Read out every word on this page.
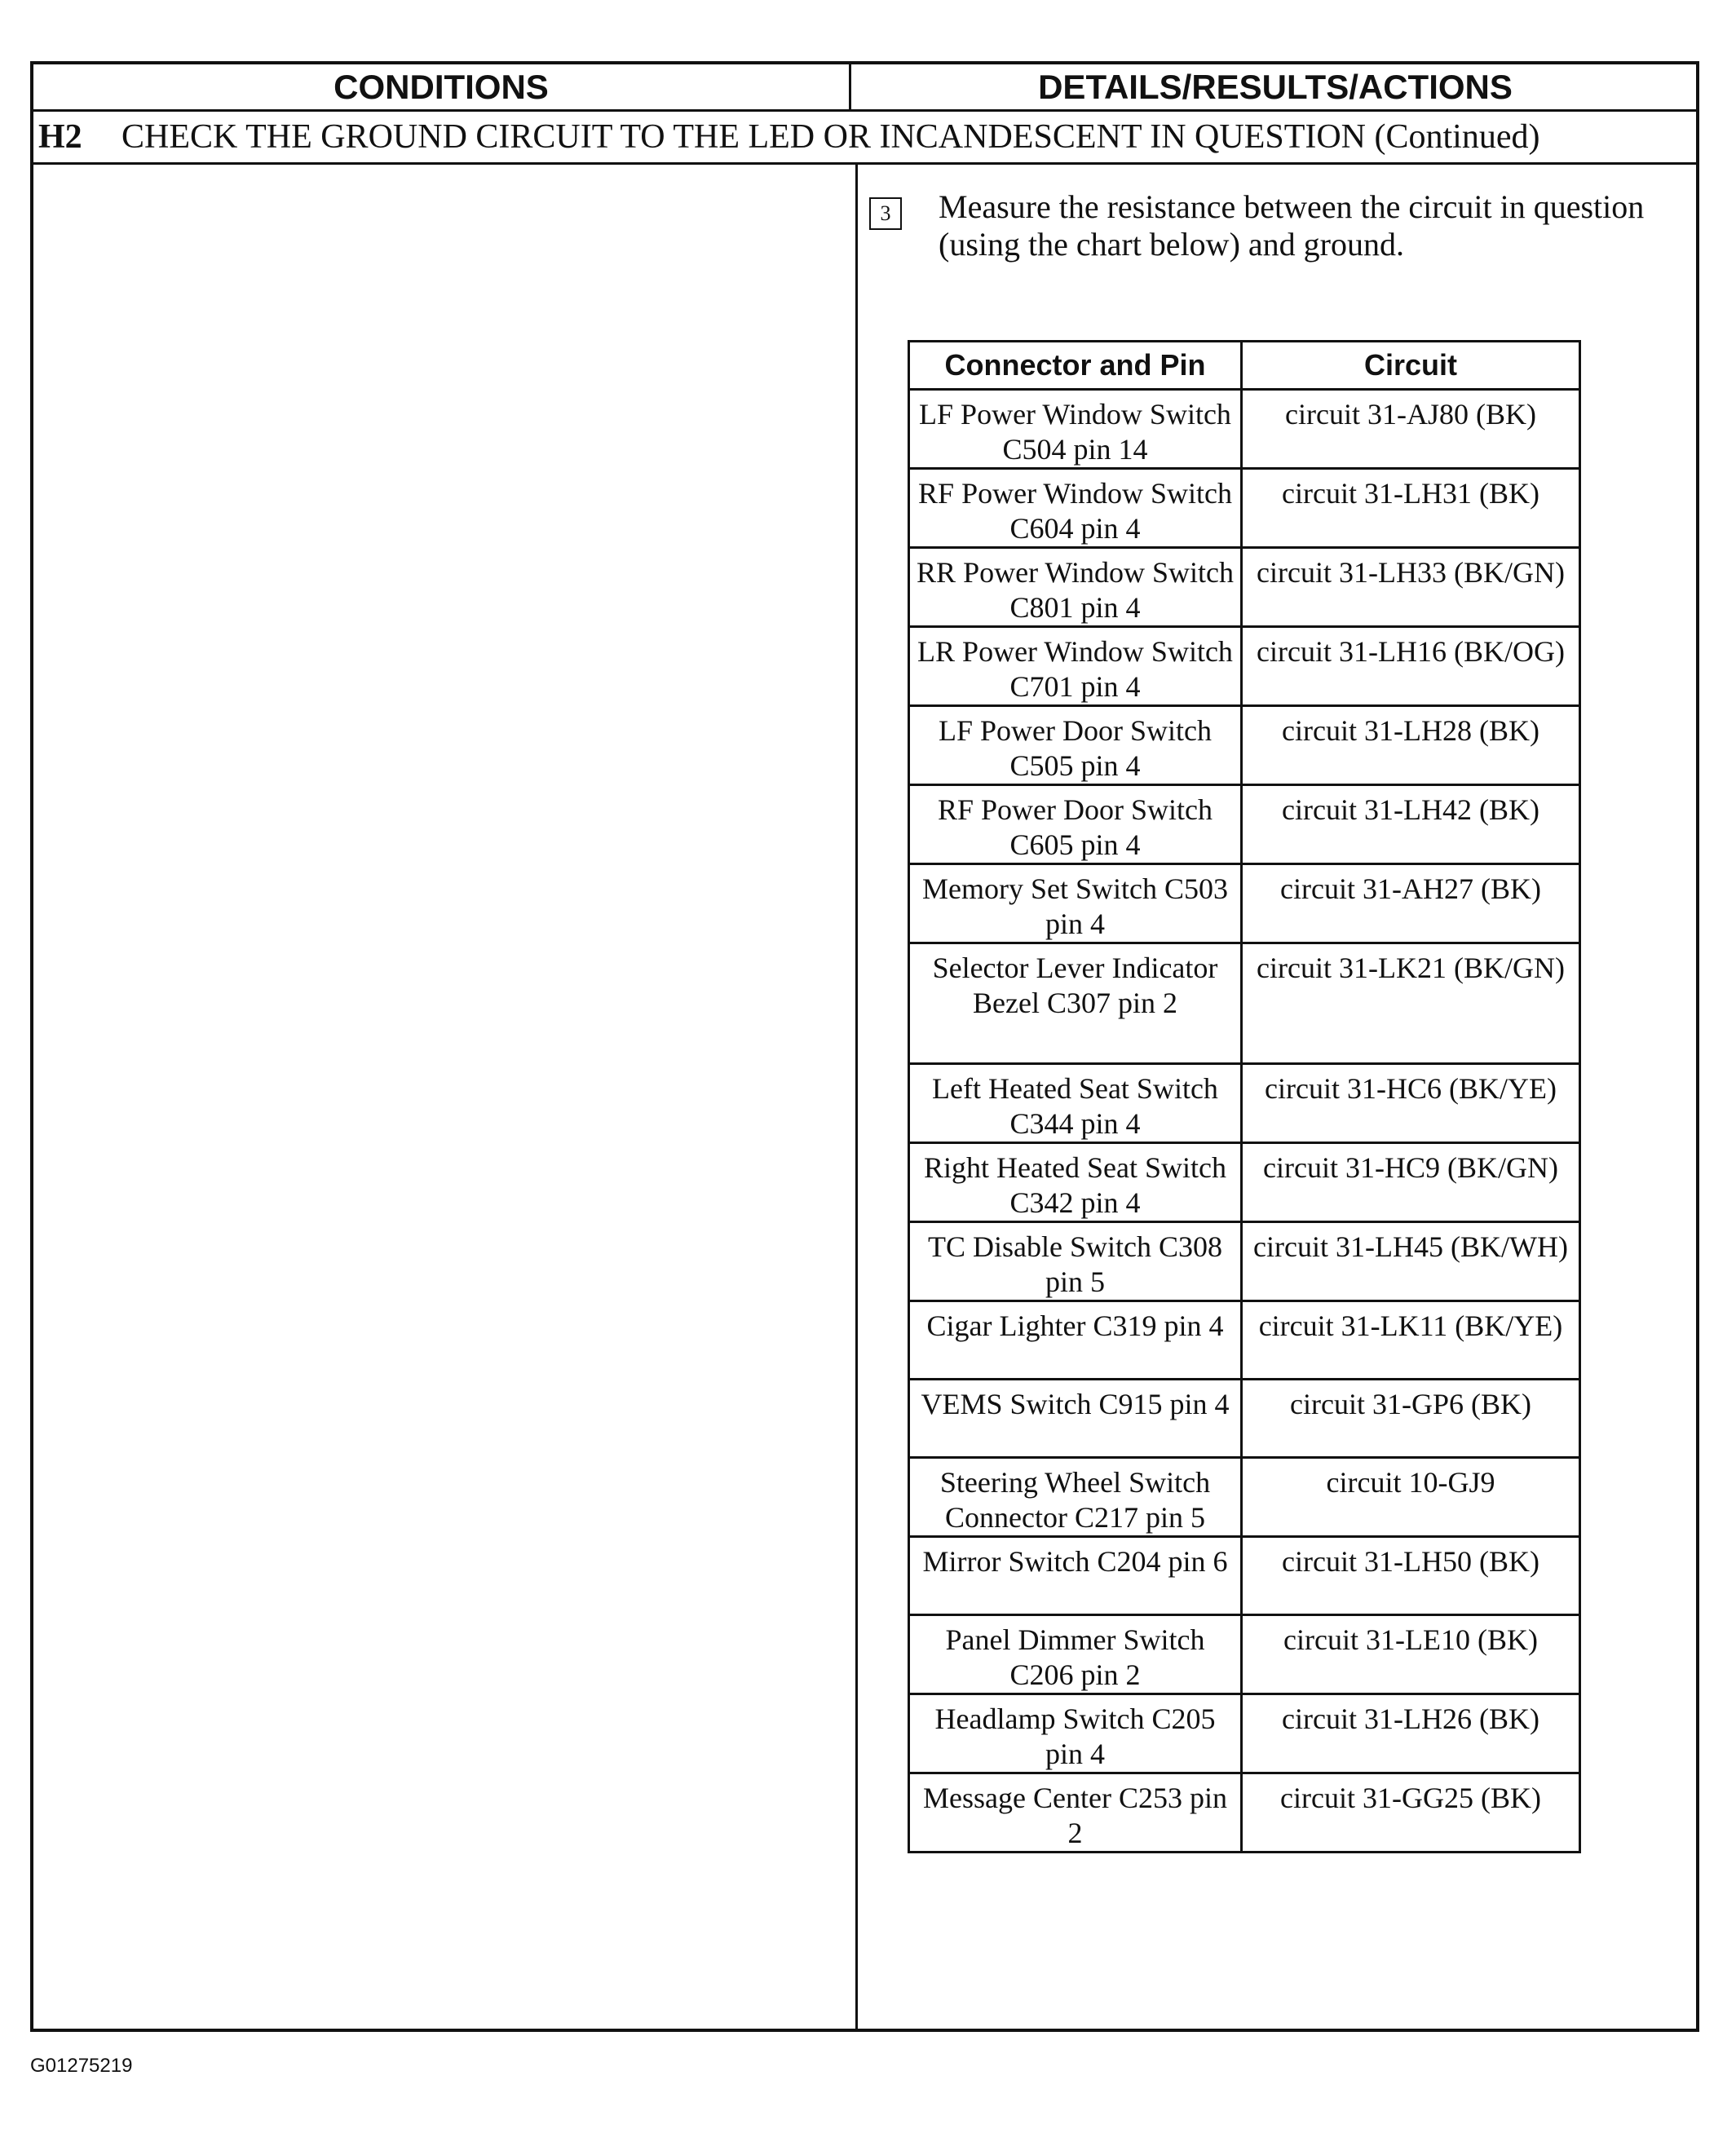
CONDITIONS	DETAILS/RESULTS/ACTIONS
H2 CHECK THE GROUND CIRCUIT TO THE LED OR INCANDESCENT IN QUESTION (Continued)
3	Measure the resistance between the circuit in question (using the chart below) and ground.
Connector and Pin	Circuit
LF Power Window Switch C504 pin 14	circuit 31-AJ80 (BK)
RF Power Window Switch C604 pin 4	circuit 31-LH31 (BK)
RR Power Window Switch C801 pin 4	circuit 31-LH33 (BK/GN)
LR Power Window Switch C701 pin 4	circuit 31-LH16 (BK/OG)
LF Power Door Switch C505 pin 4	circuit 31-LH28 (BK)
RF Power Door Switch C605 pin 4	circuit 31-LH42 (BK)
Memory Set Switch C503 pin 4	circuit 31-AH27 (BK)
Selector Lever Indicator Bezel C307 pin 2	circuit 31-LK21 (BK/GN)
Left Heated Seat Switch C344 pin 4	circuit 31-HC6 (BK/YE)
Right Heated Seat Switch C342 pin 4	circuit 31-HC9 (BK/GN)
TC Disable Switch C308 pin 5	circuit 31-LH45 (BK/WH)
Cigar Lighter C319 pin 4	circuit 31-LK11 (BK/YE)
VEMS Switch C915 pin 4	circuit 31-GP6 (BK)
Steering Wheel Switch Connector C217 pin 5	circuit 10-GJ9
Mirror Switch C204 pin 6	circuit 31-LH50 (BK)
Panel Dimmer Switch C206 pin 2	circuit 31-LE10 (BK)
Headlamp Switch C205 pin 4	circuit 31-LH26 (BK)
Message Center C253 pin 2	circuit 31-GG25 (BK)
G01275219
